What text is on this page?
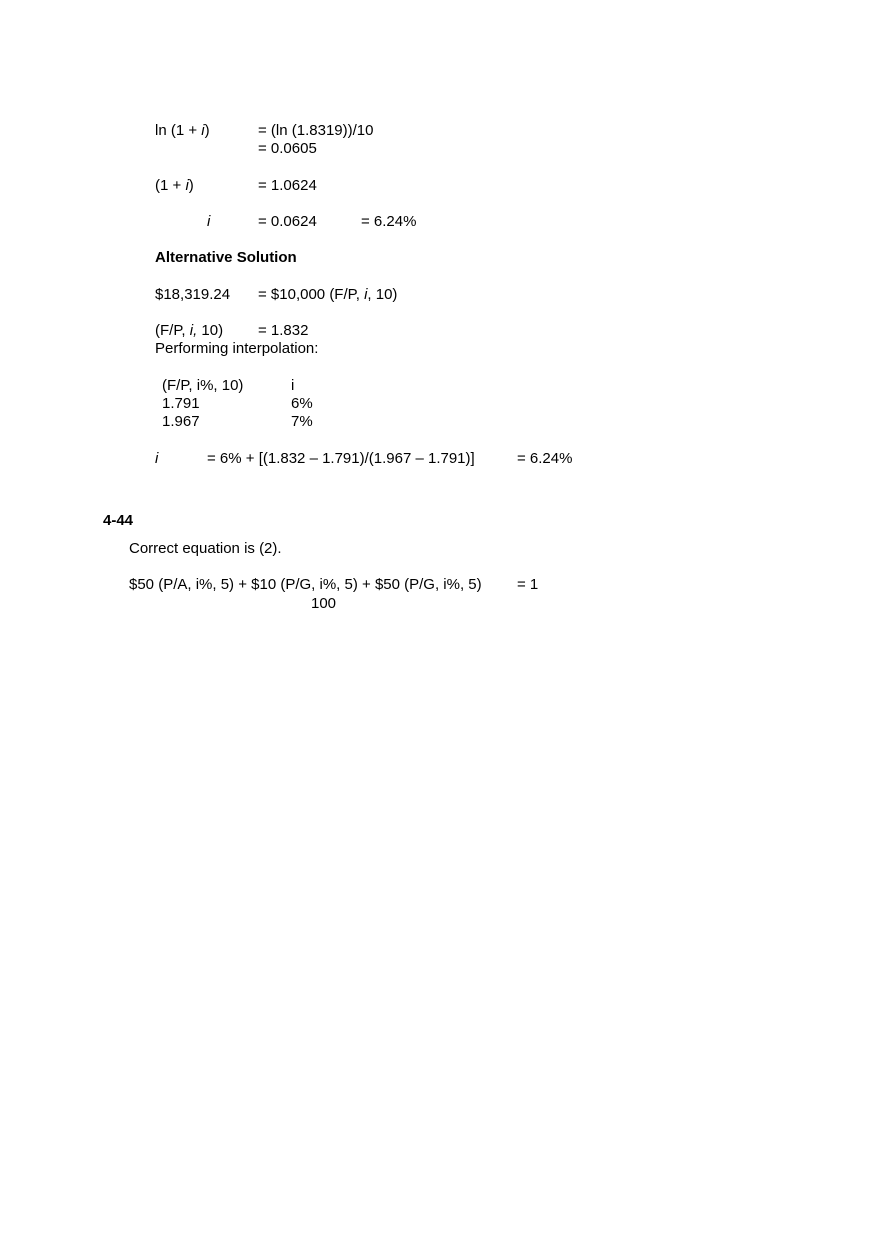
ln (1 + i)	= (ln (1.8319))/10
= 0.0605
(1 + i)	= 1.0624
i	= 0.0624	= 6.24%
Alternative Solution
$18,319.24 = $10,000 (F/P, i, 10)
(F/P, i, 10) = 1.832
Performing interpolation:
(F/P, i%, 10)	i
1.791	6%
1.967	7%
i	= 6% + [(1.832 – 1.791)/(1.967 – 1.791)]	= 6.24%
4-44
Correct equation is (2).
$50 (P/A, i%, 5) + $10 (P/G, i%, 5) + $50 (P/G, i%, 5) = 1
100
